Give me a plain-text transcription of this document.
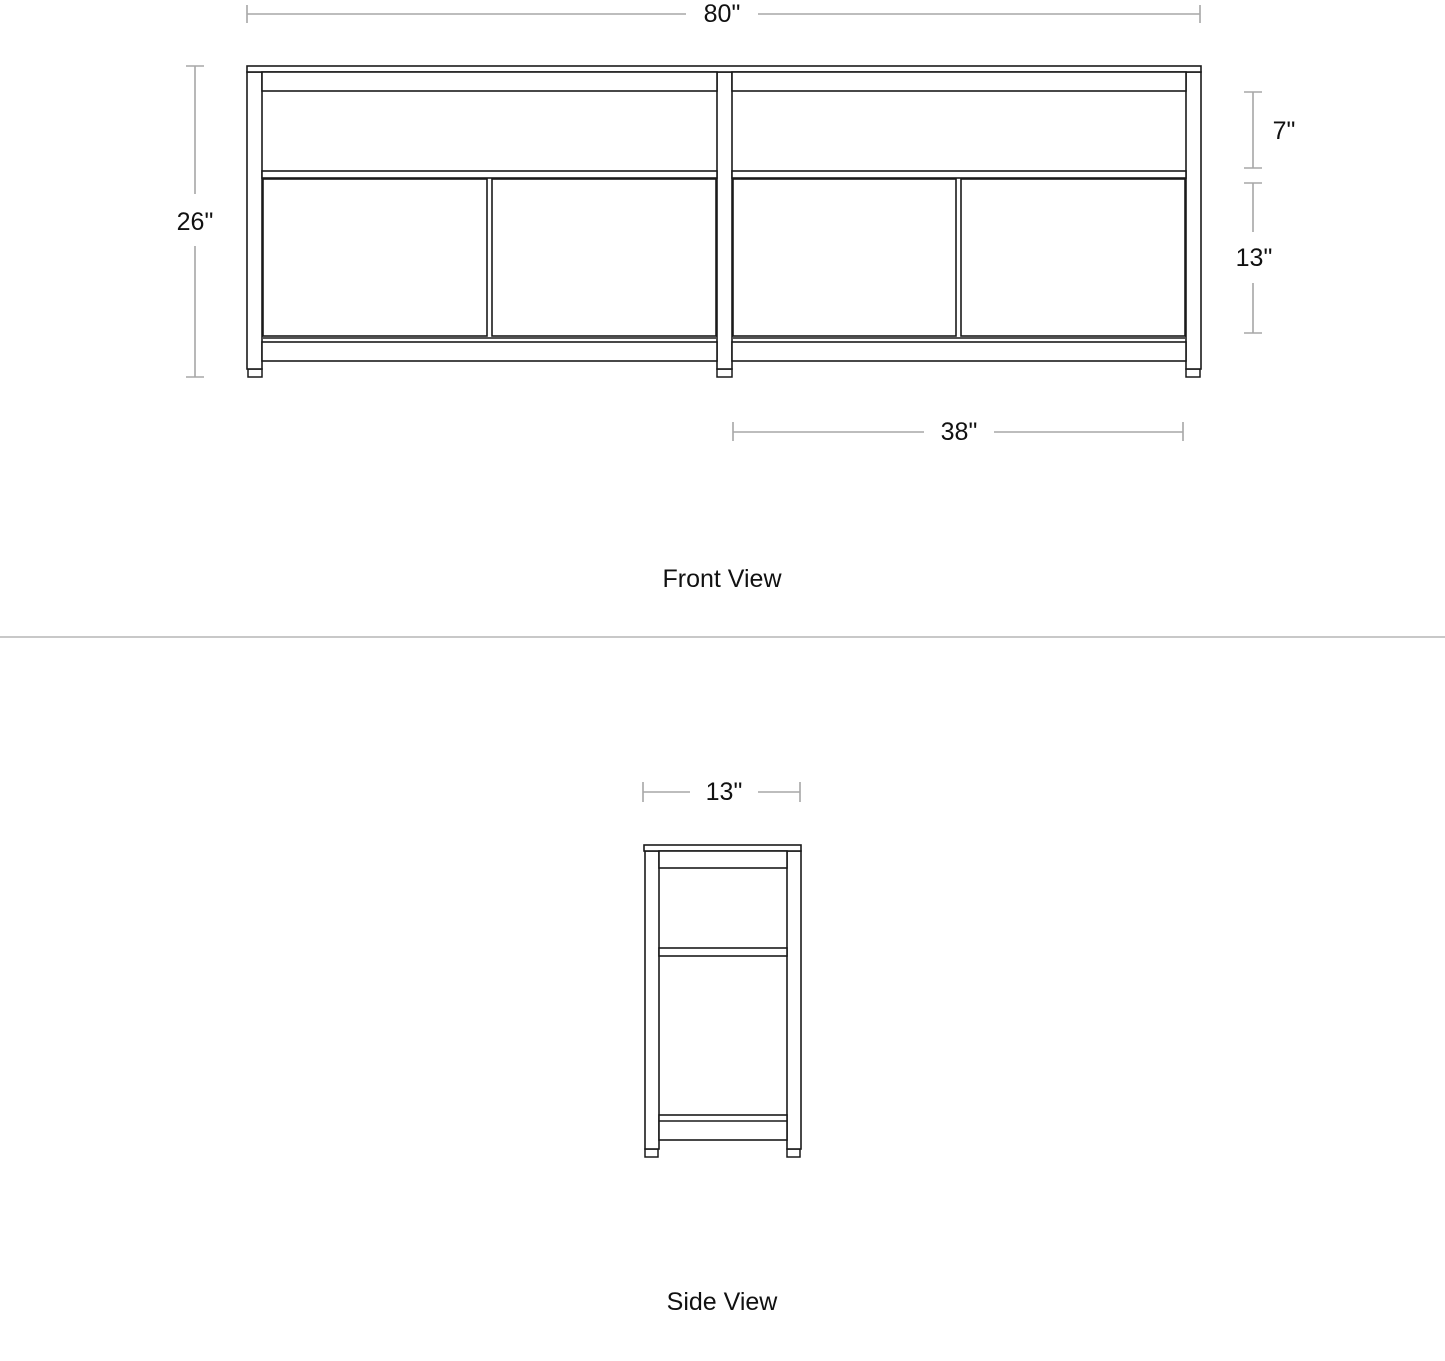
80"
26"
7"
13"
38"
Front View
13"
Side View
